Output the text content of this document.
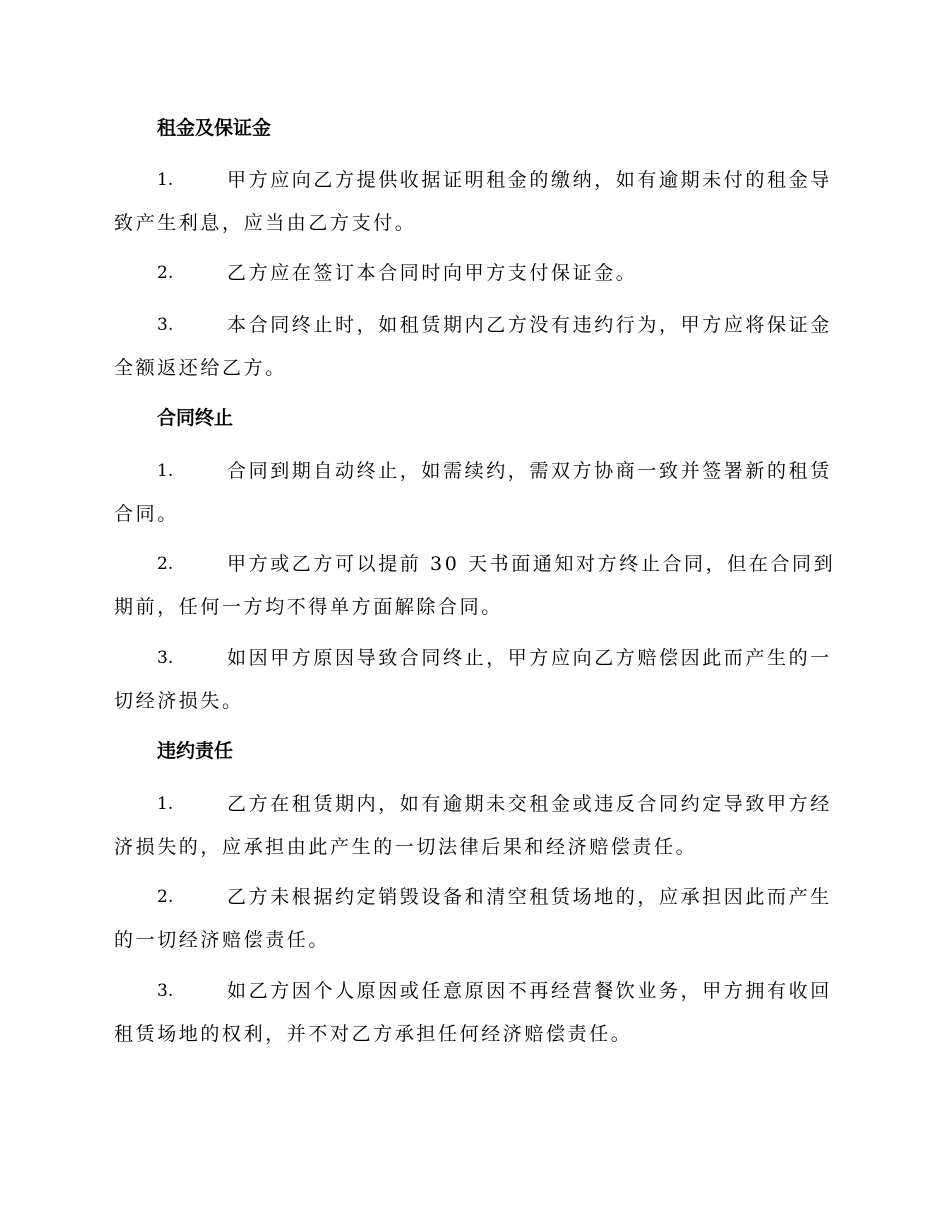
租金及保证金
1.	甲方应向乙方提供收据证明租金的缴纳，如有逾期未付的租金导
致产生利息，应当由乙方支付。
2.	乙方应在签订本合同时向甲方支付保证金。
3.	本合同终止时，如租赁期内乙方没有违约行为，甲方应将保证金
全额返还给乙方。
合同终止
1.	合同到期自动终止，如需续约，需双方协商一致并签署新的租赁
合同。
2.	甲方或乙方可以提前 30 天书面通知对方终止合同，但在合同到
期前，任何一方均不得单方面解除合同。
3.	如因甲方原因导致合同终止，甲方应向乙方赔偿因此而产生的一
切经济损失。
违约责任
1.	乙方在租赁期内，如有逾期未交租金或违反合同约定导致甲方经
济损失的，应承担由此产生的一切法律后果和经济赔偿责任。
2.	乙方未根据约定销毁设备和清空租赁场地的，应承担因此而产生
的一切经济赔偿责任。
3.	如乙方因个人原因或任意原因不再经营餐饮业务，甲方拥有收回
租赁场地的权利，并不对乙方承担任何经济赔偿责任。
